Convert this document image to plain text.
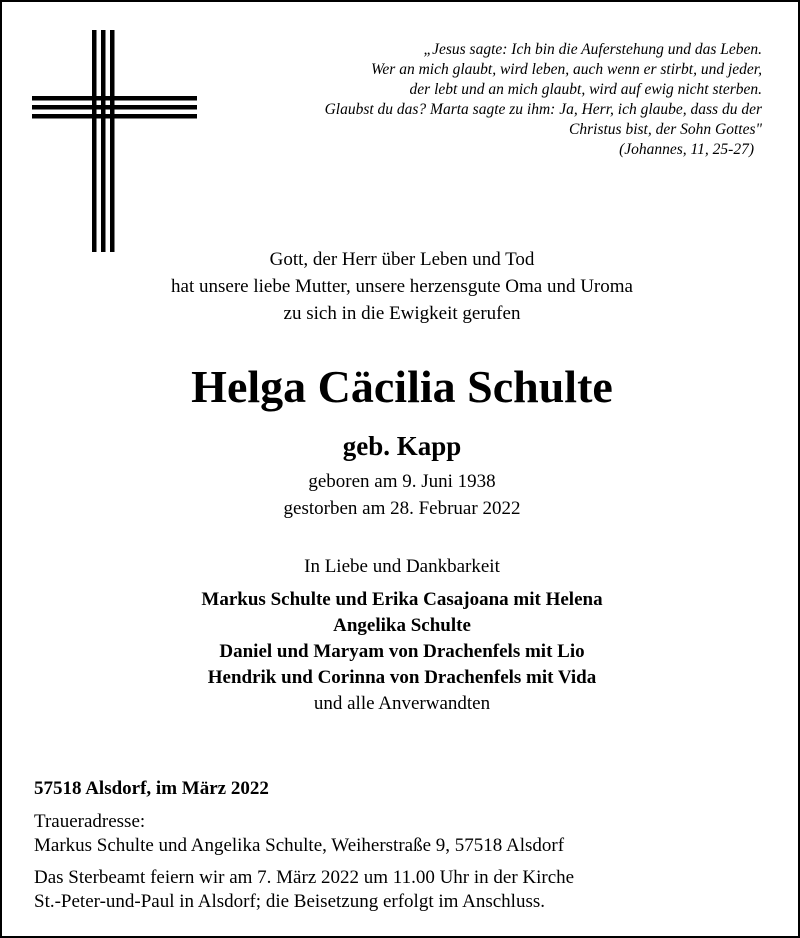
„Jesus sagte: Ich bin die Auferstehung und das Leben.
Wer an mich glaubt, wird leben, auch wenn er stirbt, und jeder,
der lebt und an mich glaubt, wird auf ewig nicht sterben.
Glaubst du das? Marta sagte zu ihm: Ja, Herr, ich glaube, dass du der
Christus bist, der Sohn Gottes"

(Johannes, 11, 25-27)
Gott, der Herr über Leben und Tod
hat unsere liebe Mutter, unsere herzensgute Oma und Uroma
zu sich in die Ewigkeit gerufen
Helga Cäcilia Schulte
geb. Kapp
geboren am 9. Juni 1938
gestorben am 28. Februar 2022
In Liebe und Dankbarkeit
Markus Schulte und Erika Casajoana mit Helena
Angelika Schulte
Daniel und Maryam von Drachenfels mit Lio
Hendrik und Corinna von Drachenfels mit Vida
und alle Anverwandten
57518 Alsdorf, im März 2022
Traueradresse:
Markus Schulte und Angelika Schulte, Weiherstraße 9, 57518 Alsdorf
Das Sterbeamt feiern wir am 7. März 2022 um 11.00 Uhr in der Kirche
St.-Peter-und-Paul in Alsdorf; die Beisetzung erfolgt im Anschluss.
